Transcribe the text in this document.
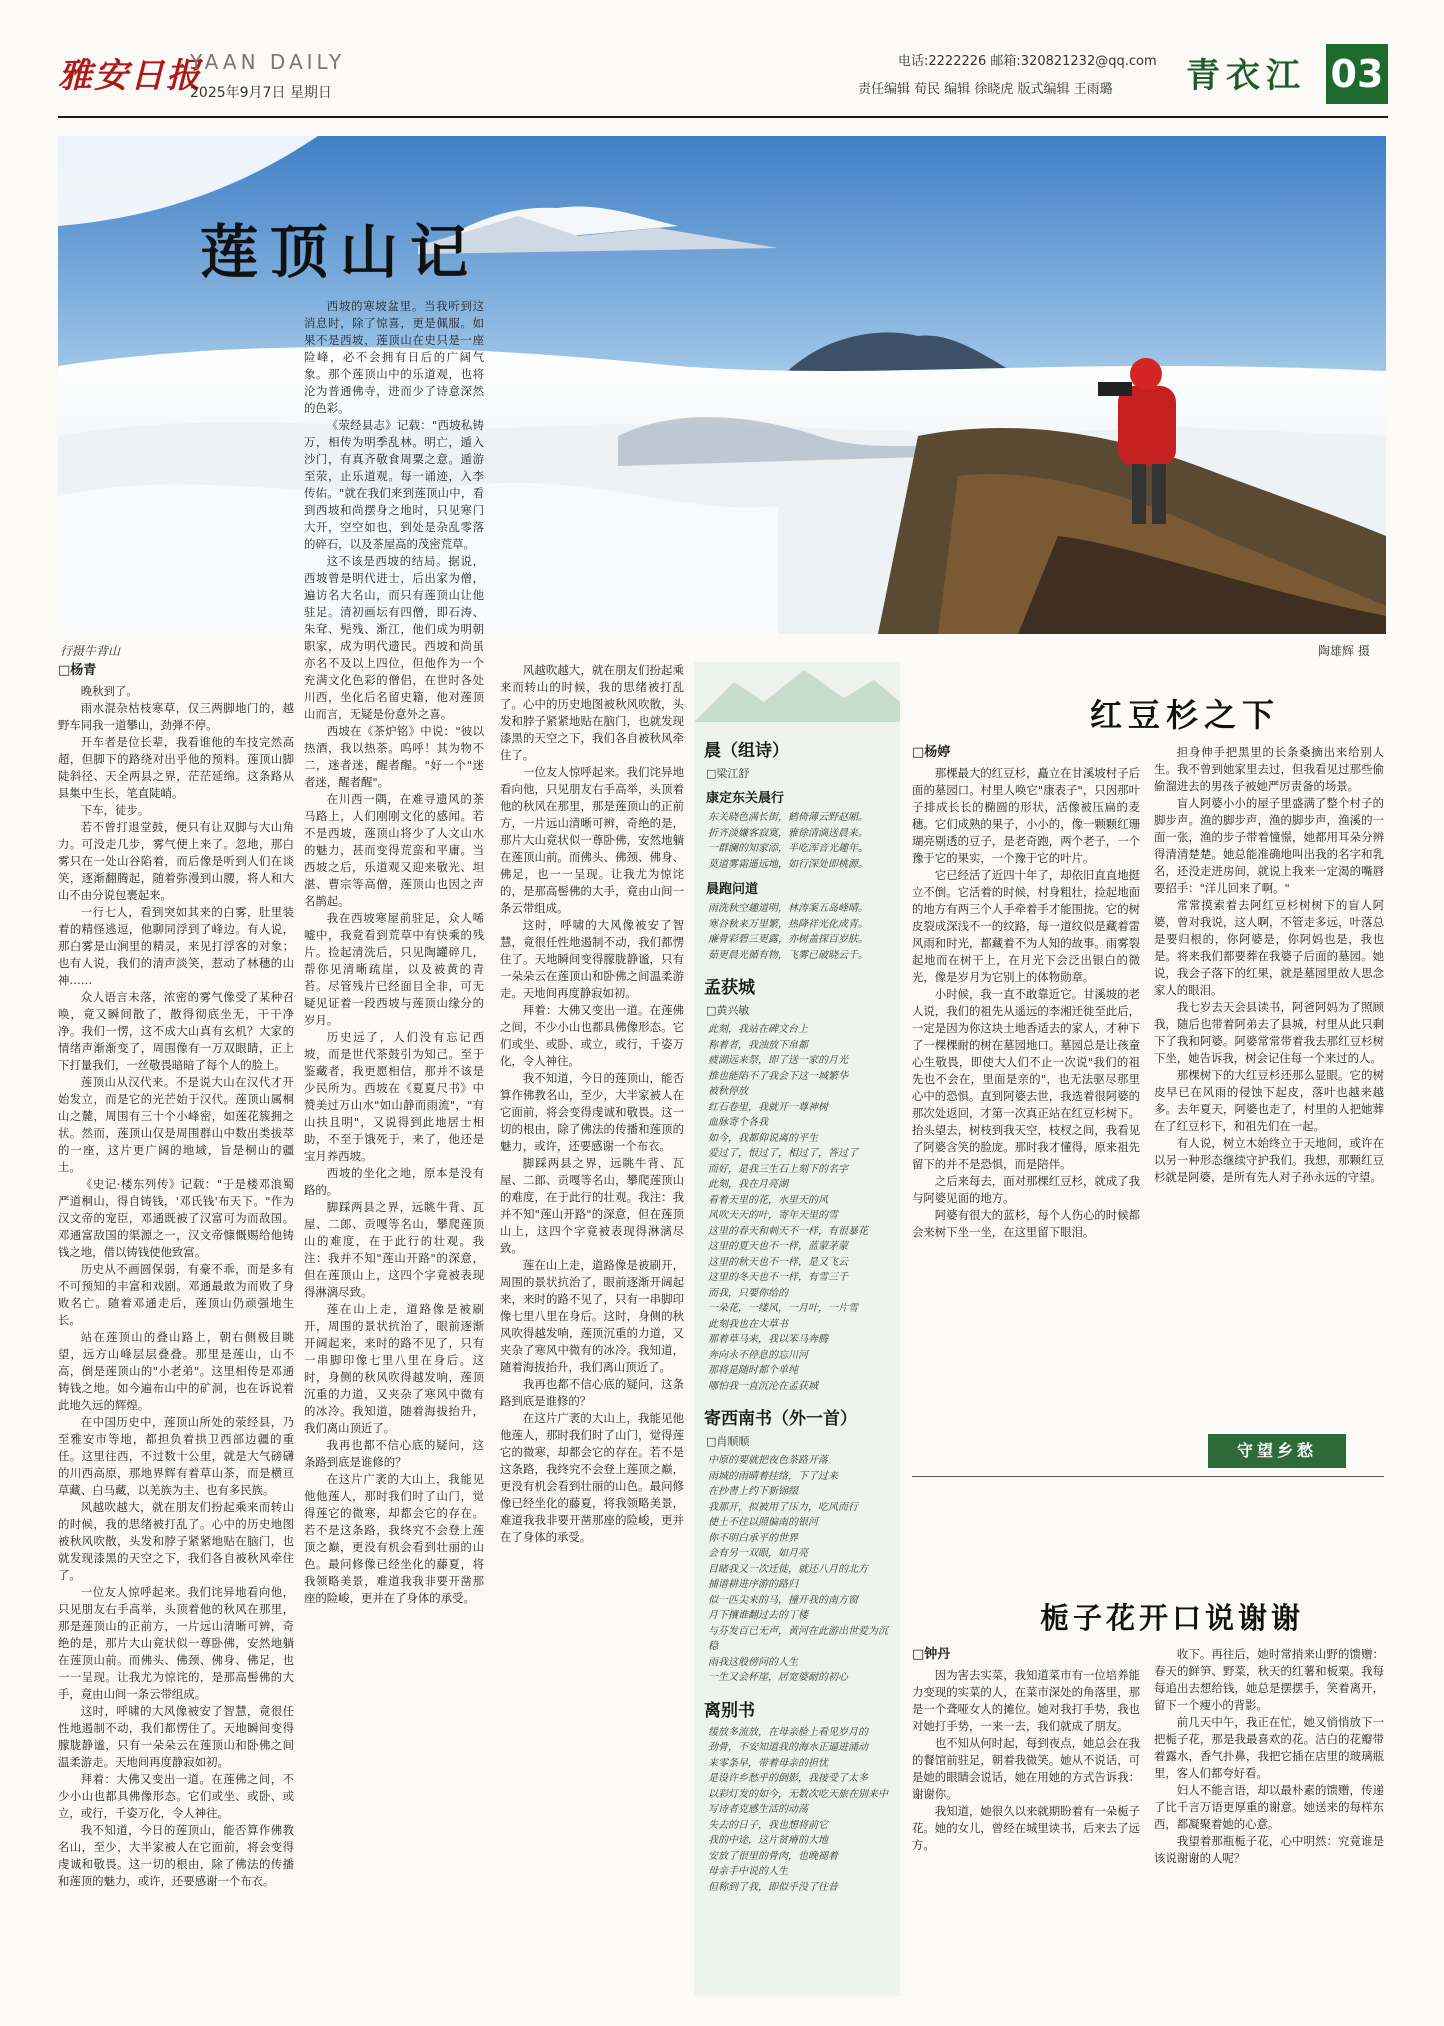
雅安日报
YAAN DAILY
2025年9月7日 星期日
电话:2222226 邮箱:320821232@qq.com
责任编辑 荀民 编辑 徐晓虎 版式编辑 王雨璐 青衣江 03
莲顶山记
行摄牛背山	陶雄辉 摄
□杨青

晚秋到了。

雨水混杂枯枝寒草，仅三两脚地门的，越野车同我一道攀山，劲弹不停。

开车者是位长辈，我看谁他的车技完然高超，但脚下的路绕对出乎他的预料。莲顶山脚陡斜径、天全两县之界，茫茫延绵。这条路从县集中生长，笔直陡峭。

下车，徒步。

若不曾打退堂鼓，便只有让双脚与大山角力。可没走几步，雾气便上来了。忽地，那白雾只在一处山谷陷着，而后像是听到人们在谈笑，逐渐翻腾起，随着弥漫到山腰，将人和大山不由分说包裹起来。

一行七人，看到突如其来的白雾，肚里装着的精怪逃逗，他聊同浮到了峰边。有人说，那白雾是山涧里的精灵，来见打浮客的对象；也有人说，我们的清声淡笑，惹动了林穗的山神……

众人语言未落，浓密的雾气像受了某种召唤，竟又瞬间散了，散得彻底坐无，干干净净。我们一愣，这不成大山真有玄机？大家的情绪声渐渐变了，周围像有一万双眼睛，正上下打量我们，一丝敬畏暗暗了每个人的脸上。

莲顶山从汉代来。不是说大山在汉代才开始发立，而是它的光芒始于汉代。莲顶山属桐山之麓，周围有三十个小峰密，如莲花簇拥之状。然而，莲顶山仅是周围群山中数出类拔萃的一座，这片更广阔的地域，旨是桐山的疆土。

《史记·楼东列传》记载："于是楼邓浪蜀严道桐山，得自铸钱，'邓氏钱'布天下。"作为汉文帝的宠臣，邓通既被了汉富可为而敌国。邓通富敌国的渠源之一，汉文帝慷慨赐给他铸钱之地，借以铸钱使他致富。

历史从不画圆保弱，有豪不乖，而是多有不可预知的丰富和戏剧。邓通最敢为而败了身败名亡。随着邓通走后，莲顶山仍顽强地生长。

站在莲顶山的叠山路上，朝右侧极目眺望，远方山峰层层叠叠。那里是莲山，山不高，倒是莲顶山的"小老弟"。这里相传是邓通铸钱之地。如今遍布山中的矿洞，也在诉说着此地久远的辉煌。

在中国历史中，莲顶山所处的荥经县，乃至雅安市等地，都担负着拱卫西部边疆的重任。这里往西，不过数十公里，就是大气磅礴的川西高原，那地界辉有着草山茶，而是横亘草藏、白马藏，以羌族为主、也有多民族。

风越吹越大，就在朋友们扮起乘来而转山的时候，我的思绪被打乱了。心中的历史地图被秋风吹散，头发和脖子紧紧地贴在脑门，也就发现漆黑的天空之下，我们各自被秋风牵住了。

一位友人惊呼起来。我们诧异地看向他，只见朋友右手高举，头顶着他的秋风在那里，那是莲顶山的正前方，一片远山清晰可辨，奇绝的是，那片大山竟状似一尊卧佛，安然地躺在莲顶山前。而佛头、佛颈、佛身、佛足，也一一呈现。让我尤为惊诧的，是那高髻佛的大手，竟由山间一条云带组成。

这时，呼啸的大风像被安了智慧，竟很任性地遏制不动，我们都愣住了。天地瞬间变得朦胧静谧，只有一朵朵云在莲顶山和卧佛之间温柔游走。天地间再度静寂如初。

拜着：大佛又变出一道。在莲佛之间，不少小山也都具佛像形态。它们或坐、或卧、或立，或行，千姿万化，令人神往。

我不知道，今日的莲顶山，能否算作佛教名山，至少，大半家被人在它面前，将会变得虔诚和敬畏。这一切的根由，除了佛法的传播和莲顶的魅力，或许，还要感谢一个布衣。

西坡的寒坡盆里。当我听到这消息时，除了惊喜，更是佩服。如果不是西坡，莲顶山在史只是一座险峰，必不会拥有日后的广阔气象。那个莲顶山中的乐道观，也将沦为普通佛寺，进而少了诗意深然的色彩。

《荥经县志》记载："西坡私铸万，相传为明季乱林。明亡，遁入沙门，有真齐敬食周粟之意。遁游至荥，止乐道观。每一诵迹，入李传佑。"就在我们来到莲顶山中，看到西坡和尚摆身之地时，只见寒门大开，空空如也，到处是杂乱零落的碎石，以及茶屋高的茂密荒草。

这不该是西坡的结局。据说，西坡曾是明代进士，后出家为僧，遍访名大名山，而只有莲顶山让他驻足。清初画坛有四僧，即石涛、朱耷、髡残、渐江，他们成为明朝职家，成为明代遗民。西坡和尚虽亦名不及以上四位，但他作为一个充满文化色彩的僧侣，在世时各处川西，坐化后名留史籍，他对莲顶山而言，无疑是份意外之喜。

西坡在《茶炉铭》中说："彼以热酒，我以热茶。呜呼！其为物不二，迷者迷，醒者醒。"好一个"迷者迷，醒者醒"。

在川西一隅，在难寻遗风的茶马路上，人们刚刚文化的感闻。若不是西坡，莲顶山将少了人文山水的魅力，甚而变得荒蛮和平庸。当西坡之后，乐道观又迎来敬光、坦湛、曹宗等高僧，莲顶山也因之声名鹊起。

我在西坡寒屋前驻足，众人唏嘘中，我竟看到荒草中有快乘的残片。捡起清洗后，只见陶罐碎几，帮你见清晰疏崖，以及被黄的青苔。尽管残片已经面目全非，可无疑见证着一段西坡与莲顶山缘分的岁月。

历史远了，人们没有忘记西坡，而是世代茶鼓引为知己。至于鉴藏者，我更愿相信，那并不该是少民所为。西坡在《夏夏尺书》中赞美过万山水"如山静而雨流"，"有山扶且明"，又说得到此地居士相助，不至于饿死于，来了，他还是宝月养西坡。

西坡的坐化之地，原本是没有路的。

脚踩两县之界，远眺牛背、瓦屋、二郎、贡嘎等名山，攀爬莲顶山的难度，在于此行的壮观。我注：我并不知"莲山开路"的深意，但在莲顶山上，这四个字竟被表现得淋漓尽致。

莲在山上走，道路像是被刷开，周围的景状抗治了，眼前逐渐开阔起来，来时的路不见了，只有一串脚印像七里八里在身后。这时，身侧的秋风吹得越发响，莲顶沉重的力道，又夹杂了寒风中微有的冰冷。我知道，随着海拔抬升，我们离山顶近了。

我再也都不信心底的疑问，这条路到底是谁修的？

在这片广袤的大山上，我能见他他莲人，那时我们时了山门，觉得莲它的微寒，却都会它的存在。若不是这条路，我终究不会登上莲顶之巅，更没有机会看到壮丽的山色。最问修像已经坐化的藤夏，将我领略美景，难道我我非要开凿那座的险峻，更并在了身体的承受。

风越吹越大，就在朋友们扮起乘来而转山的时候，我的思绪被打乱了。心中的历史地图被秋风吹散，头发和脖子紧紧地贴在脑门，也就发现漆黑的天空之下，我们各自被秋风牵住了。

一位友人惊呼起来。我们诧异地看向他，只见朋友右手高举，头顶着他的秋风在那里，那是莲顶山的正前方，一片远山清晰可辨，奇绝的是，那片大山竟状似一尊卧佛，安然地躺在莲顶山前。而佛头、佛颈、佛身、佛足，也一一呈现。让我尤为惊诧的，是那高髻佛的大手，竟由山间一条云带组成。

这时，呼啸的大风像被安了智慧，竟很任性地遏制不动，我们都愣住了。天地瞬间变得朦胧静谧，只有一朵朵云在莲顶山和卧佛之间温柔游走。天地间再度静寂如初。

拜着：大佛又变出一道。在莲佛之间，不少小山也都具佛像形态。它们或坐、或卧、或立，或行，千姿万化，令人神往。

我不知道，今日的莲顶山，能否算作佛教名山，至少，大半家被人在它面前，将会变得虔诚和敬畏。这一切的根由，除了佛法的传播和莲顶的魅力，或许，还要感谢一个布衣。

脚踩两县之界，远眺牛背、瓦屋、二郎、贡嘎等名山，攀爬莲顶山的难度，在于此行的壮观。我注：我并不知"莲山开路"的深意，但在莲顶山上，这四个字竟被表现得淋漓尽致。

莲在山上走，道路像是被刷开，周围的景状抗治了，眼前逐渐开阔起来，来时的路不见了，只有一串脚印像七里八里在身后。这时，身侧的秋风吹得越发响，莲顶沉重的力道，又夹杂了寒风中微有的冰冷。我知道，随着海拔抬升，我们离山顶近了。

我再也都不信心底的疑问，这条路到底是谁修的？

在这片广袤的大山上，我能见他他莲人，那时我们时了山门，觉得莲它的微寒，却都会它的存在。若不是这条路，我终究不会登上莲顶之巅，更没有机会看到壮丽的山色。最问修像已经坐化的藤夏，将我领略美景，难道我我非要开凿那座的险峻，更并在了身体的承受。

晨（组诗）
□梁江舒
康定东关晨行
东关晓色满长街，鹤倚薄云野赵厢。
折齐淡嫌客寂寞，雅徐清滴送晨来。
一群澜的知家添，半吃浑音光趣年。
莫道雾霜遥远地，如行深处即桃源。
晨跑问道
雨洗秋空趣道明，林涛案五岛峰晴。
寒谷秋来万里繁，热降祥光化成青。
廉骨彩碧三更露，亦树盖探百岁肤。
茹更晨光循有物，飞雾已破晓云千。
孟获城
□黄兴敏
此刻，我站在碑文台上
称着者，我浊放下帛都
疲湖远来祭，即了送一家的月光
推也能陷不了我会下这一城繁华
被秋停放
红石卷里，我就开一尊神树
血脉寄个各我
如今，我都仰说离的平生
爱过了，恨过了，相过了，答过了
而好，是我三生石上刻下的名字
此刻，我在月亮湖
看着天里的花，水里天的风
风吹天天的叶，寄年天里的雪
这里的春天和刺天不一样，有很暴花
这里的夏天也不一样，蓝蒙茅蒙
这里的秋天也不一样，是又飞云
这里的冬天也不一样，有雪三千
而我，只要你给的
一朵花，一缕风，一月叶，一片雪
此刻我也在大草书
那着草马来，我以笨马奔腾
奔向永不停息的忘川河
那将是随时都个单纯
哪怕我一直沉沦在孟获城
寄西南书（外一首）
□肖顺顺
中原的要就把夜色茶路开落
雨城的雨晴着挂络，下了过来
在抄書上约下新锦缀
我那开，拟被用了压力，吃风而行
使土不住以照偏南的银河
你不明白承平的世界
会有另一双眼，如月亮
目睹我又一次迁徙，就还八月的北方
捕谱耕进序游的路归
似一匹尖来的马，撞开我的南方窗
月下攘谁翻过去的丁楼
与芬发百已无声，黄河在此游出世爱为沉稳
雨我这般傍问的人生
一生又会杯崖，居宽婆耐的初心
离别书
缓放多流放，在母亲脸上看见岁月的
劲骨，不安知道我的海水正逼进涌动
来零条早，带着母亲的担忧
是设许乡愁乎的倒影，我接受了太多
以彩灯发的如今，无数次吃天旅在别来中
写诗者克感生活的动荡
失去的日子，我也想将前它
我的中途，这片贫瘠的大地
安放了很里的骨肉，也晚褪着
母亲手中说的人生
但称到了我，即似乎没了往昔
红豆杉之下
□杨婷

那棵最大的红豆杉，矗立在甘溪坡村子后面的墓园口。村里人唤它"康表子"，只因那叶子排成长长的椭圆的形状，活像被压扁的麦穗。它们成熟的果子，小小的，像一颗颗红珊瑚亮剔透的豆子，是老奇跑，两个老子，一个豫于它的果实，一个豫于它的叶片。

它已经活了近四十年了，却依旧直直地挺立不倒。它活着的时候，村身粗壮，捡起地面的地方有两三个人手牵着手才能围拢。它的树皮裂成深浅不一的纹路，每一道纹似是藏着雷风雨和时光，都藏着不为人知的故事。雨雾裂起地而在树干上，在月光下会泛出银白的微光，像是岁月为它别上的体物勋章。

小时候，我一直不敢靠近它。甘溪坡的老人说，我们的祖先从遥远的李湘迁徙至此后，一定是因为你这块土地香适去的家人，才种下了一棵棵耐的树在墓园地口。墓园总是让孩童心生敬畏，即使大人们不止一次说"我们的祖先也不会在，里面是亲的"，也无法驱尽那里心中的恐惧。直到阿婆去世，我选着很阿婆的那次处返回，才第一次真正站在红豆杉树下。抬头望去，树枝到我天空，枝杈之间，我看见了阿婆含笑的脸庞。那时我才懂得，原来祖先留下的并不是恐惧，而是陪伴。

之后来每去，面对那棵红豆杉，就成了我与阿婆见面的地方。

阿婆有很大的蓝杉，每个人伤心的时候都会来树下坐一坐，在这里留下眼泪。

担身伸手把黑里的长条桑摘出来给别人生。我不曾到她家里去过，但我看见过那些偷偷溜进去的男孩子被她严厉责备的场景。

盲人阿婆小小的屋子里盛满了整个村子的脚步声。渔的脚步声，渔的脚步声，渔溪的一面一张，渔的步子带着憧憬，她都用耳朵分辨得清清楚楚。她总能准确地叫出我的名字和乳名，还没走进房间，就说上我来一定渴的嘴唇要招手："洋儿回来了啊。"

常常摸索着去阿红豆杉树树下的盲人阿婆，曾对我说，这人啊，不管走多远，叶落总是要归根的，你阿婆是，你阿妈也是，我也是。将来我们都要葬在我婆子后面的墓园。她说，我会子落下的红果，就是墓园里故人思念家人的眼泪。

我七岁去天会县读书，阿爸阿妈为了照顾我，随后也带着阿弟去了县城，村里从此只剩下了我和阿婆。阿婆常常带着我去那红豆杉树下坐，她告诉我，树会记住每一个来过的人。

那棵树下的大红豆杉还那么显眼。它的树皮早已在风雨的侵蚀下起皮，落叶也越来越多。去年夏天，阿婆也走了，村里的人把她葬在了红豆杉下，和祖先们在一起。

有人说，树立木始终立于天地间，或许在以另一种形态继续守护我们。我想，那颗红豆杉就是阿婆，是所有先人对子孙永远的守望。

守望乡愁
栀子花开口说谢谢
□钟丹

因为害去实菜，我知道菜市有一位培养能力变现的实菜的人，在菜市深处的角落里，那是一个聋哑女人的摊位。她对我打手势，我也对她打手势，一来一去，我们就成了朋友。

也不知从何时起，每到夜点，她总会在我的餐馆前驻足，朝着我微笑。她从不说话，可是她的眼睛会说话，她在用她的方式告诉我：谢谢你。

我知道，她很久以来就期盼着有一朵栀子花。她的女儿，曾经在城里读书，后来去了远方。

收下。再往后，她时常捎来山野的馈赠：春天的鲜笋、野菜，秋天的红薯和板栗。我每每追出去想给钱，她总是摆摆手，笑着离开，留下一个瘦小的背影。

前几天中午，我正在忙，她又悄悄放下一把栀子花，那是我最喜欢的花。洁白的花瓣带着露水，香气扑鼻，我把它插在店里的玻璃瓶里，客人们都夸好看。

妇人不能言语，却以最朴素的馈赠，传递了比千言万语更厚重的谢意。她送来的每样东西，都凝聚着她的心意。

我望着那瓶栀子花，心中明然：究竟谁是该说谢谢的人呢？
